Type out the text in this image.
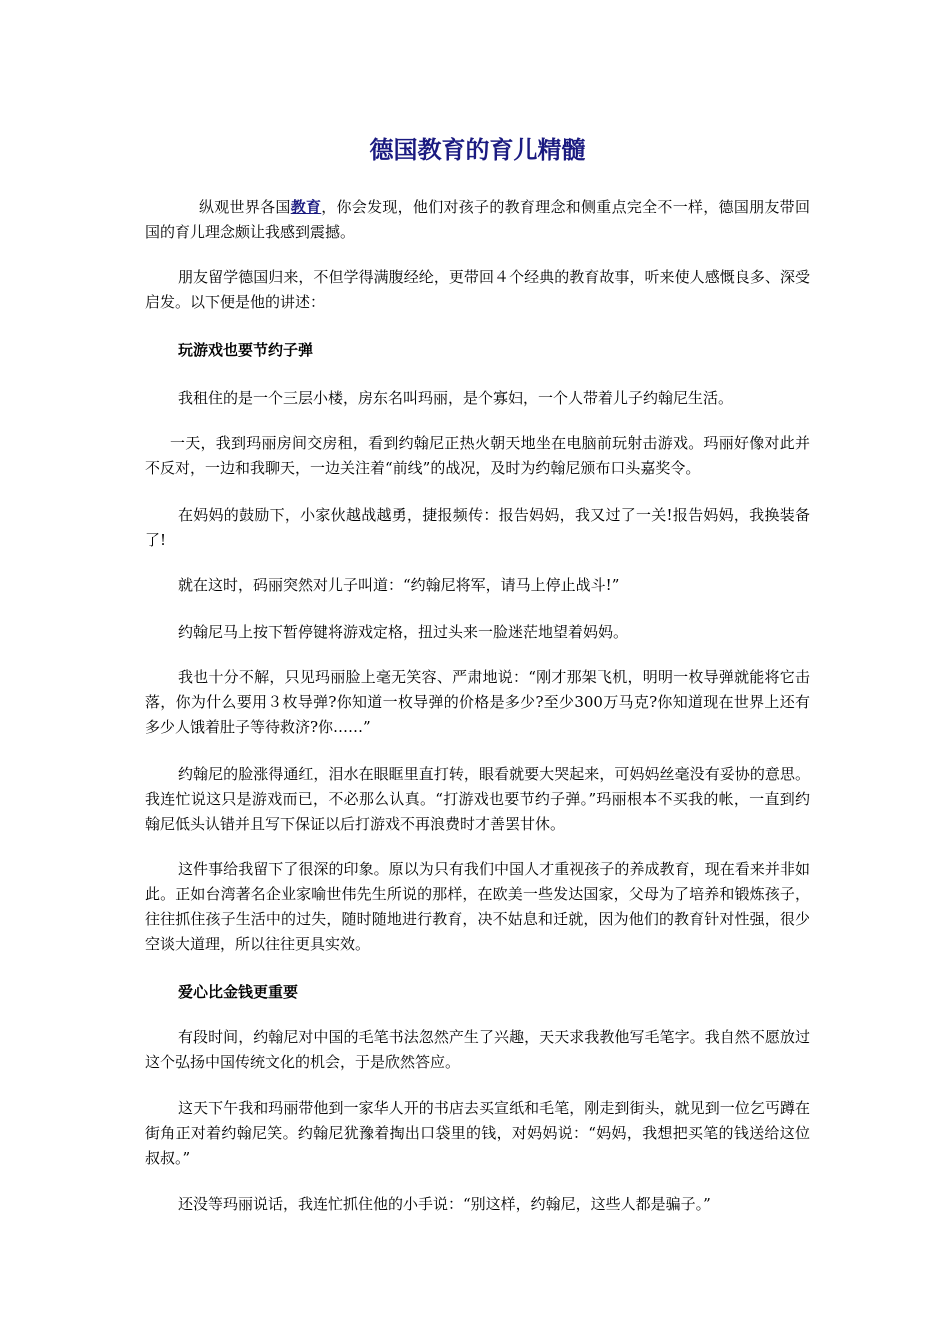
德国教育的育儿精髓

纵观世界各国教育，你会发现，他们对孩子的教育理念和侧重点完全不一样，德国朋友带回国的育儿理念颇让我感到震撼。

朋友留学德国归来，不但学得满腹经纶，更带回４个经典的教育故事，听来使人感慨良多、深受启发。以下便是他的讲述：

玩游戏也要节约子弹

我租住的是一个三层小楼，房东名叫玛丽，是个寡妇，一个人带着儿子约翰尼生活。

一天，我到玛丽房间交房租，看到约翰尼正热火朝天地坐在电脑前玩射击游戏。玛丽好像对此并不反对，一边和我聊天，一边关注着“前线”的战况，及时为约翰尼颁布口头嘉奖令。

在妈妈的鼓励下，小家伙越战越勇，捷报频传：报告妈妈，我又过了一关!报告妈妈，我换装备了!

就在这时，码丽突然对儿子叫道：“约翰尼将军，请马上停止战斗!”

约翰尼马上按下暂停键将游戏定格，扭过头来一脸迷茫地望着妈妈。

我也十分不解，只见玛丽脸上毫无笑容、严肃地说：“刚才那架飞机，明明一枚导弹就能将它击落，你为什么要用３枚导弹?你知道一枚导弹的价格是多少?至少300万马克?你知道现在世界上还有多少人饿着肚子等待救济?你……”

约翰尼的脸涨得通红，泪水在眼眶里直打转，眼看就要大哭起来，可妈妈丝毫没有妥协的意思。我连忙说这只是游戏而已，不必那么认真。“打游戏也要节约子弹。”玛丽根本不买我的帐，一直到约翰尼低头认错并且写下保证以后打游戏不再浪费时才善罢甘休。

这件事给我留下了很深的印象。原以为只有我们中国人才重视孩子的养成教育，现在看来并非如此。正如台湾著名企业家喻世伟先生所说的那样，在欧美一些发达国家，父母为了培养和锻炼孩子，往往抓住孩子生活中的过失，随时随地进行教育，决不姑息和迁就，因为他们的教育针对性强，很少空谈大道理，所以往往更具实效。

爱心比金钱更重要

有段时间，约翰尼对中国的毛笔书法忽然产生了兴趣，天天求我教他写毛笔字。我自然不愿放过这个弘扬中国传统文化的机会，于是欣然答应。

这天下午我和玛丽带他到一家华人开的书店去买宣纸和毛笔，刚走到街头，就见到一位乞丐蹲在街角正对着约翰尼笑。约翰尼犹豫着掏出口袋里的钱，对妈妈说：“妈妈，我想把买笔的钱送给这位叔叔。”

还没等玛丽说话，我连忙抓住他的小手说：“别这样，约翰尼，这些人都是骗子。”
